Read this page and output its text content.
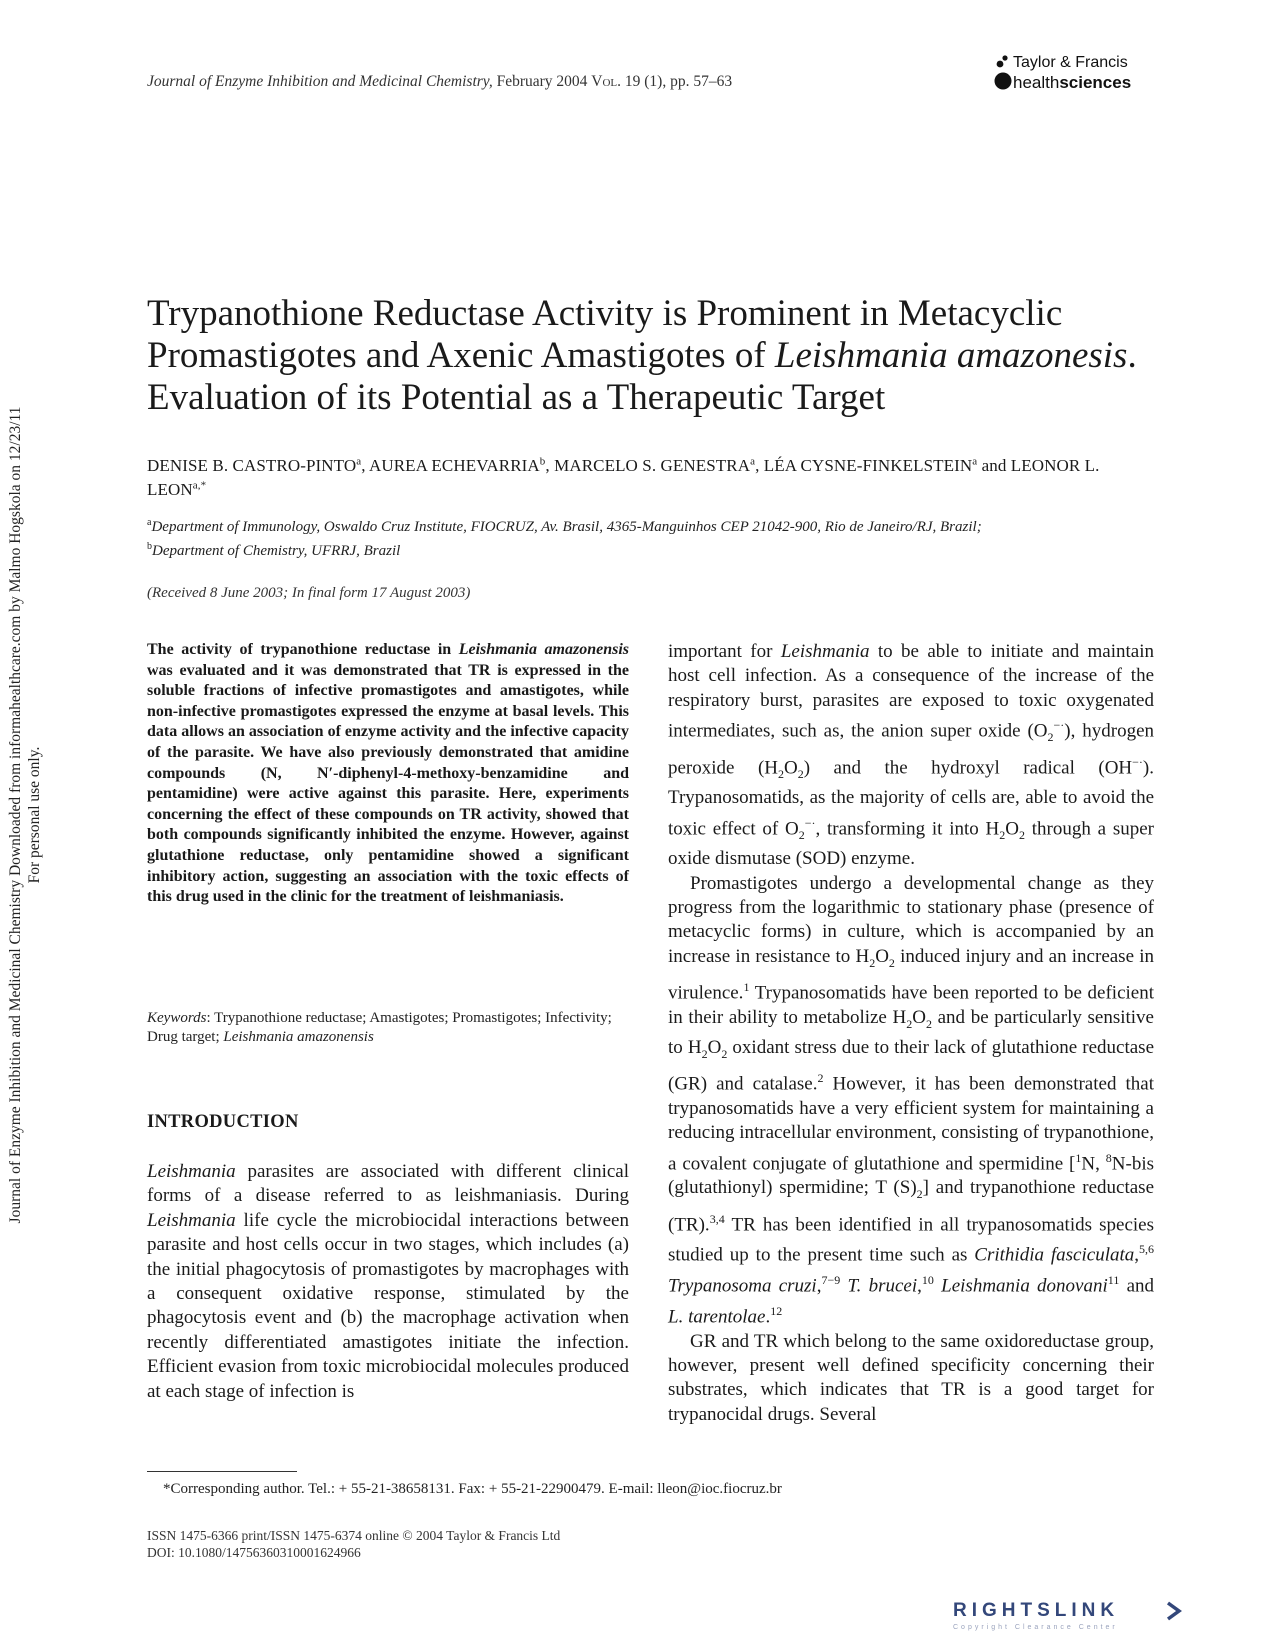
Journal of Enzyme Inhibition and Medicinal Chemistry Downloaded from informahealthcare.com by Malmo Hogskola on 12/23/11 For personal use only.
Journal of Enzyme Inhibition and Medicinal Chemistry, February 2004 Vol. 19 (1), pp. 57–63
Taylor & Francis
healthsciences
Trypanothione Reductase Activity is Prominent in Metacyclic Promastigotes and Axenic Amastigotes of Leishmania amazonesis. Evaluation of its Potential as a Therapeutic Target
DENISE B. CASTRO-PINTO$^a$, AUREA ECHEVARRIA$^b$, MARCELO S. GENESTRA$^a$, LÉA CYSNE-FINKELSTEIN$^a$ and LEONOR L. $LEON^{a,*}$
$^a$Department of Immunology, Oswaldo Cruz Institute, FIOCRUZ, Av. Brasil, 4365-Manguinhos CEP 21042-900, Rio de Janeiro/RJ, Brazil;
$^b$Department of Chemistry, UFRRJ, Brazil
(Received 8 June 2003; In final form 17 August 2003)
The activity of trypanothione reductase in Leishmania amazonensis was evaluated and it was demonstrated that TR is expressed in the soluble fractions of infective promastigotes and amastigotes, while non-infective promastigotes expressed the enzyme at basal levels. This data allows an association of enzyme activity and the infective capacity of the parasite. We have also previously demonstrated that amidine compounds (N, N′-diphenyl-4-methoxy-benzamidine and pentamidine) were active against this parasite. Here, experiments concerning the effect of these compounds on TR activity, showed that both compounds significantly inhibited the enzyme. However, against glutathione reductase, only pentamidine showed a significant inhibitory action, suggesting an association with the toxic effects of this drug used in the clinic for the treatment of leishmaniasis.
Keywords: Trypanothione reductase; Amastigotes; Promastigotes; Infectivity; Drug target; Leishmania amazonensis
INTRODUCTION
Leishmania parasites are associated with different clinical forms of a disease referred to as leishmaniasis. During Leishmania life cycle the microbiocidal interactions between parasite and host cells occur in two stages, which includes (a) the initial phagocytosis of promastigotes by macrophages with a consequent oxidative response, stimulated by the phagocytosis event and (b) the macrophage activation when recently differentiated amastigotes initiate the infection. Efficient evasion from toxic microbiocidal molecules produced at each stage of infection is

important for Leishmania to be able to initiate and maintain host cell infection. As a consequence of the increase of the respiratory burst, parasites are exposed to toxic oxygenated intermediates, such as, the anion super oxide $(O_2^{-\cdot})$, hydrogen peroxide $(H_2O_2)$ and the hydroxyl radical (OH−·). Trypanosomatids, as the majority of cells are, able to avoid the toxic effect of $O_2^{-\cdot}$, transforming it into $H_2O_2$ through a super oxide dismutase (SOD) enzyme.

Promastigotes undergo a developmental change as they progress from the logarithmic to stationary phase (presence of metacyclic forms) in culture, which is accompanied by an increase in resistance to $H_2O_2$ induced injury and an increase in virulence.$^1$ Trypanosomatids have been reported to be deficient in their ability to metabolize $H_2O_2$ and be particularly sensitive to $H_2O_2$ oxidant stress due to their lack of glutathione reductase (GR) and catalase.$^2$ However, it has been demonstrated that trypanosomatids have a very efficient system for maintaining a reducing intracellular environment, consisting of trypanothione, a covalent conjugate of glutathione and spermidine [$^1$N, $^8$N-bis (glutathionyl) spermidine; T $(S)_2$] and trypanothione reductase (TR).$^{3,4}$ TR has been identified in all trypanosomatids species studied up to the present time such as Crithidia fasciculata,$^{5,6}$ Trypanosoma cruzi,$^{7-9}$ T. brucei,$^{10}$ Leishmania donovani$^{11}$ and L. tarentolae.$^{12}$

GR and TR which belong to the same oxidoreductase group, however, present well defined specificity concerning their substrates, which indicates that TR is a good target for trypanocidal drugs. Several

*Corresponding author. Tel.: + 55-21-38658131. Fax: + 55-21-22900479. E-mail: lleon@ioc.fiocruz.br
ISSN 1475-6366 print/ISSN 1475-6374 online © 2004 Taylor & Francis Ltd
DOI: 10.1080/14756360310001624966
RIGHTSLINK
Copyright Clearance Center
